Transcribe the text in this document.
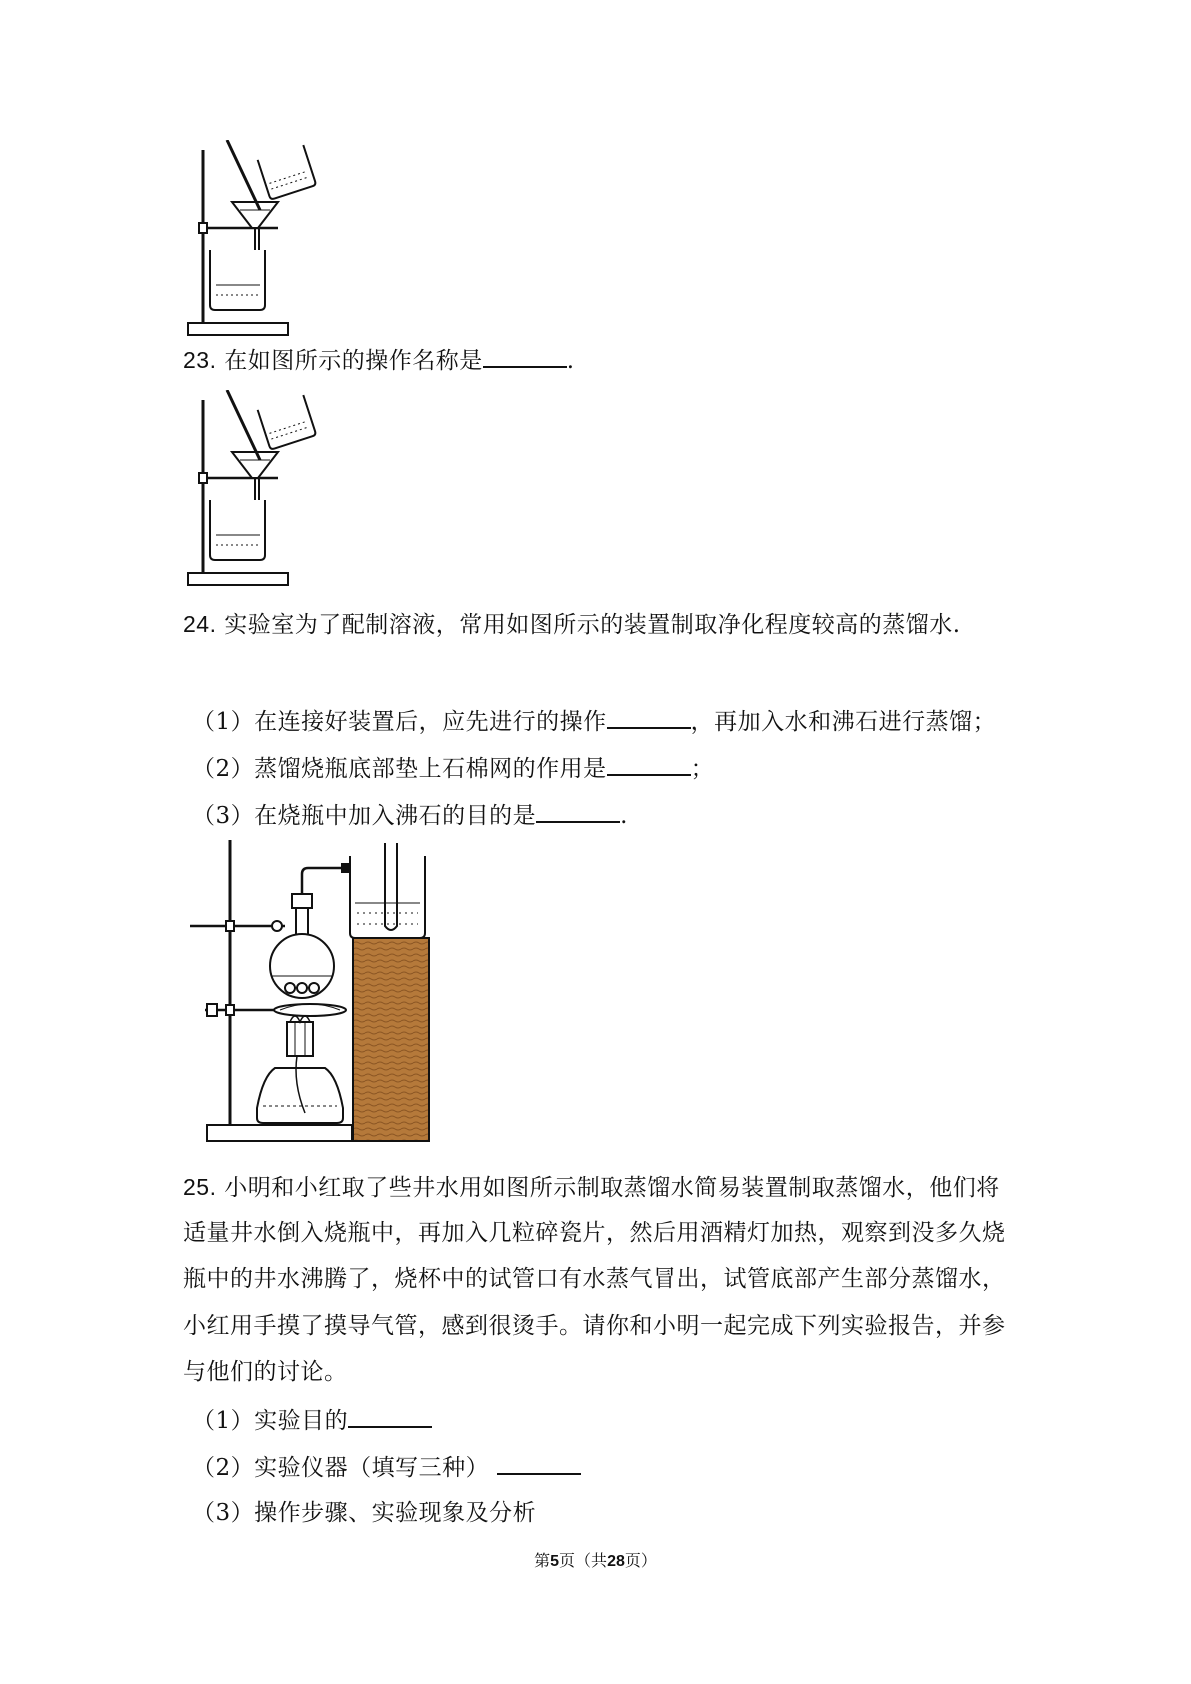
23. 在如图所示的操作名称是	.
24. 实验室为了配制溶液，常用如图所示的装置制取净化程度较高的蒸馏水.
（1）在连接好装置后，应先进行的操作	，再加入水和沸石进行蒸馏；
（2）蒸馏烧瓶底部垫上石棉网的作用是	；
（3）在烧瓶中加入沸石的目的是	.
25. 小明和小红取了些井水用如图所示制取蒸馏水简易装置制取蒸馏水，他们将
适量井水倒入烧瓶中，再加入几粒碎瓷片，然后用酒精灯加热，观察到没多久烧
瓶中的井水沸腾了，烧杯中的试管口有水蒸气冒出，试管底部产生部分蒸馏水，
小红用手摸了摸导气管，感到很烫手。请你和小明一起完成下列实验报告，并参
与他们的讨论。
（1）实验目的
（2）实验仪器（填写三种）
（3）操作步骤、实验现象及分析
第5页（共28页）
